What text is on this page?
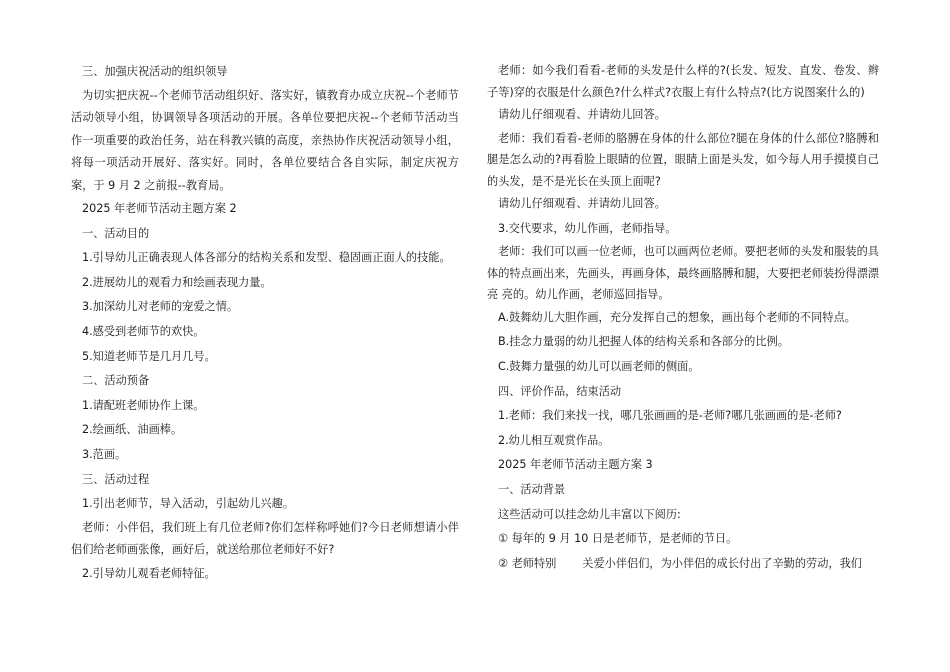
三、加强庆祝活动的组织领导

为切实把庆祝--个老师节活动组织好、落实好，镇教育办成立庆祝--个老师节活动领导小组，协调领导各项活动的开展。各单位要把庆祝--个老师节活动当作一项重要的政治任务，站在科教兴镇的高度，亲热协作庆祝活动领导小组，将每一项活动开展好、落实好。同时，各单位要结合各自实际，制定庆祝方案，于 9 月 2 之前报--教育局。

2025 年老师节活动主题方案 2

一、活动目的

1.引导幼儿正确表现人体各部分的结构关系和发型、稳固画正面人的技能。

2.进展幼儿的观看力和绘画表现力量。

3.加深幼儿对老师的宠爱之情。

4.感受到老师节的欢快。

5.知道老师节是几月几号。

二、活动预备

1.请配班老师协作上课。

2.绘画纸、油画棒。

3.范画。

三、活动过程

1.引出老师节，导入活动，引起幼儿兴趣。

老师：小伴侣，我们班上有几位老师?你们怎样称呼她们?今日老师想请小伴侣们给老师画张像，画好后，就送给那位老师好不好?

2.引导幼儿观看老师特征。

老师：如今我们看看-老师的头发是什么样的?(长发、短发、直发、卷发、辫子等)穿的衣服是什么颜色?什么样式?衣服上有什么特点?(比方说图案什么的)

请幼儿仔细观看、并请幼儿回答。

老师：我们看看-老师的胳膊在身体的什么部位?腿在身体的什么部位?胳膊和腿是怎么动的?再看脸上眼睛的位置，眼睛上面是头发，如今每人用手摸摸自己的头发，是不是光长在头顶上面呢?

请幼儿仔细观看、并请幼儿回答。

3.交代要求，幼儿作画，老师指导。

老师：我们可以画一位老师，也可以画两位老师。要把老师的头发和服装的具体的特点画出来，先画头，再画身体，最终画胳膊和腿，大要把老师装扮得漂漂亮 亮的。幼儿作画，老师巡回指导。

A.鼓舞幼儿大胆作画，充分发挥自己的想象，画出每个老师的不同特点。

B.挂念力量弱的幼儿把握人体的结构关系和各部分的比例。

C.鼓舞力量强的幼儿可以画老师的侧面。

四、评价作品，结束活动

1.老师：我们来找一找，哪几张画画的是-老师?哪几张画画的是-老师?

2.幼儿相互观赏作品。

2025 年老师节活动主题方案 3

一、活动背景

这些活动可以挂念幼儿丰富以下阅历:

① 每年的 9 月 10 日是老师节，是老师的节日。

② 老师特别　　 关爱小伴侣们，为小伴侣的成长付出了辛勤的劳动，我们
